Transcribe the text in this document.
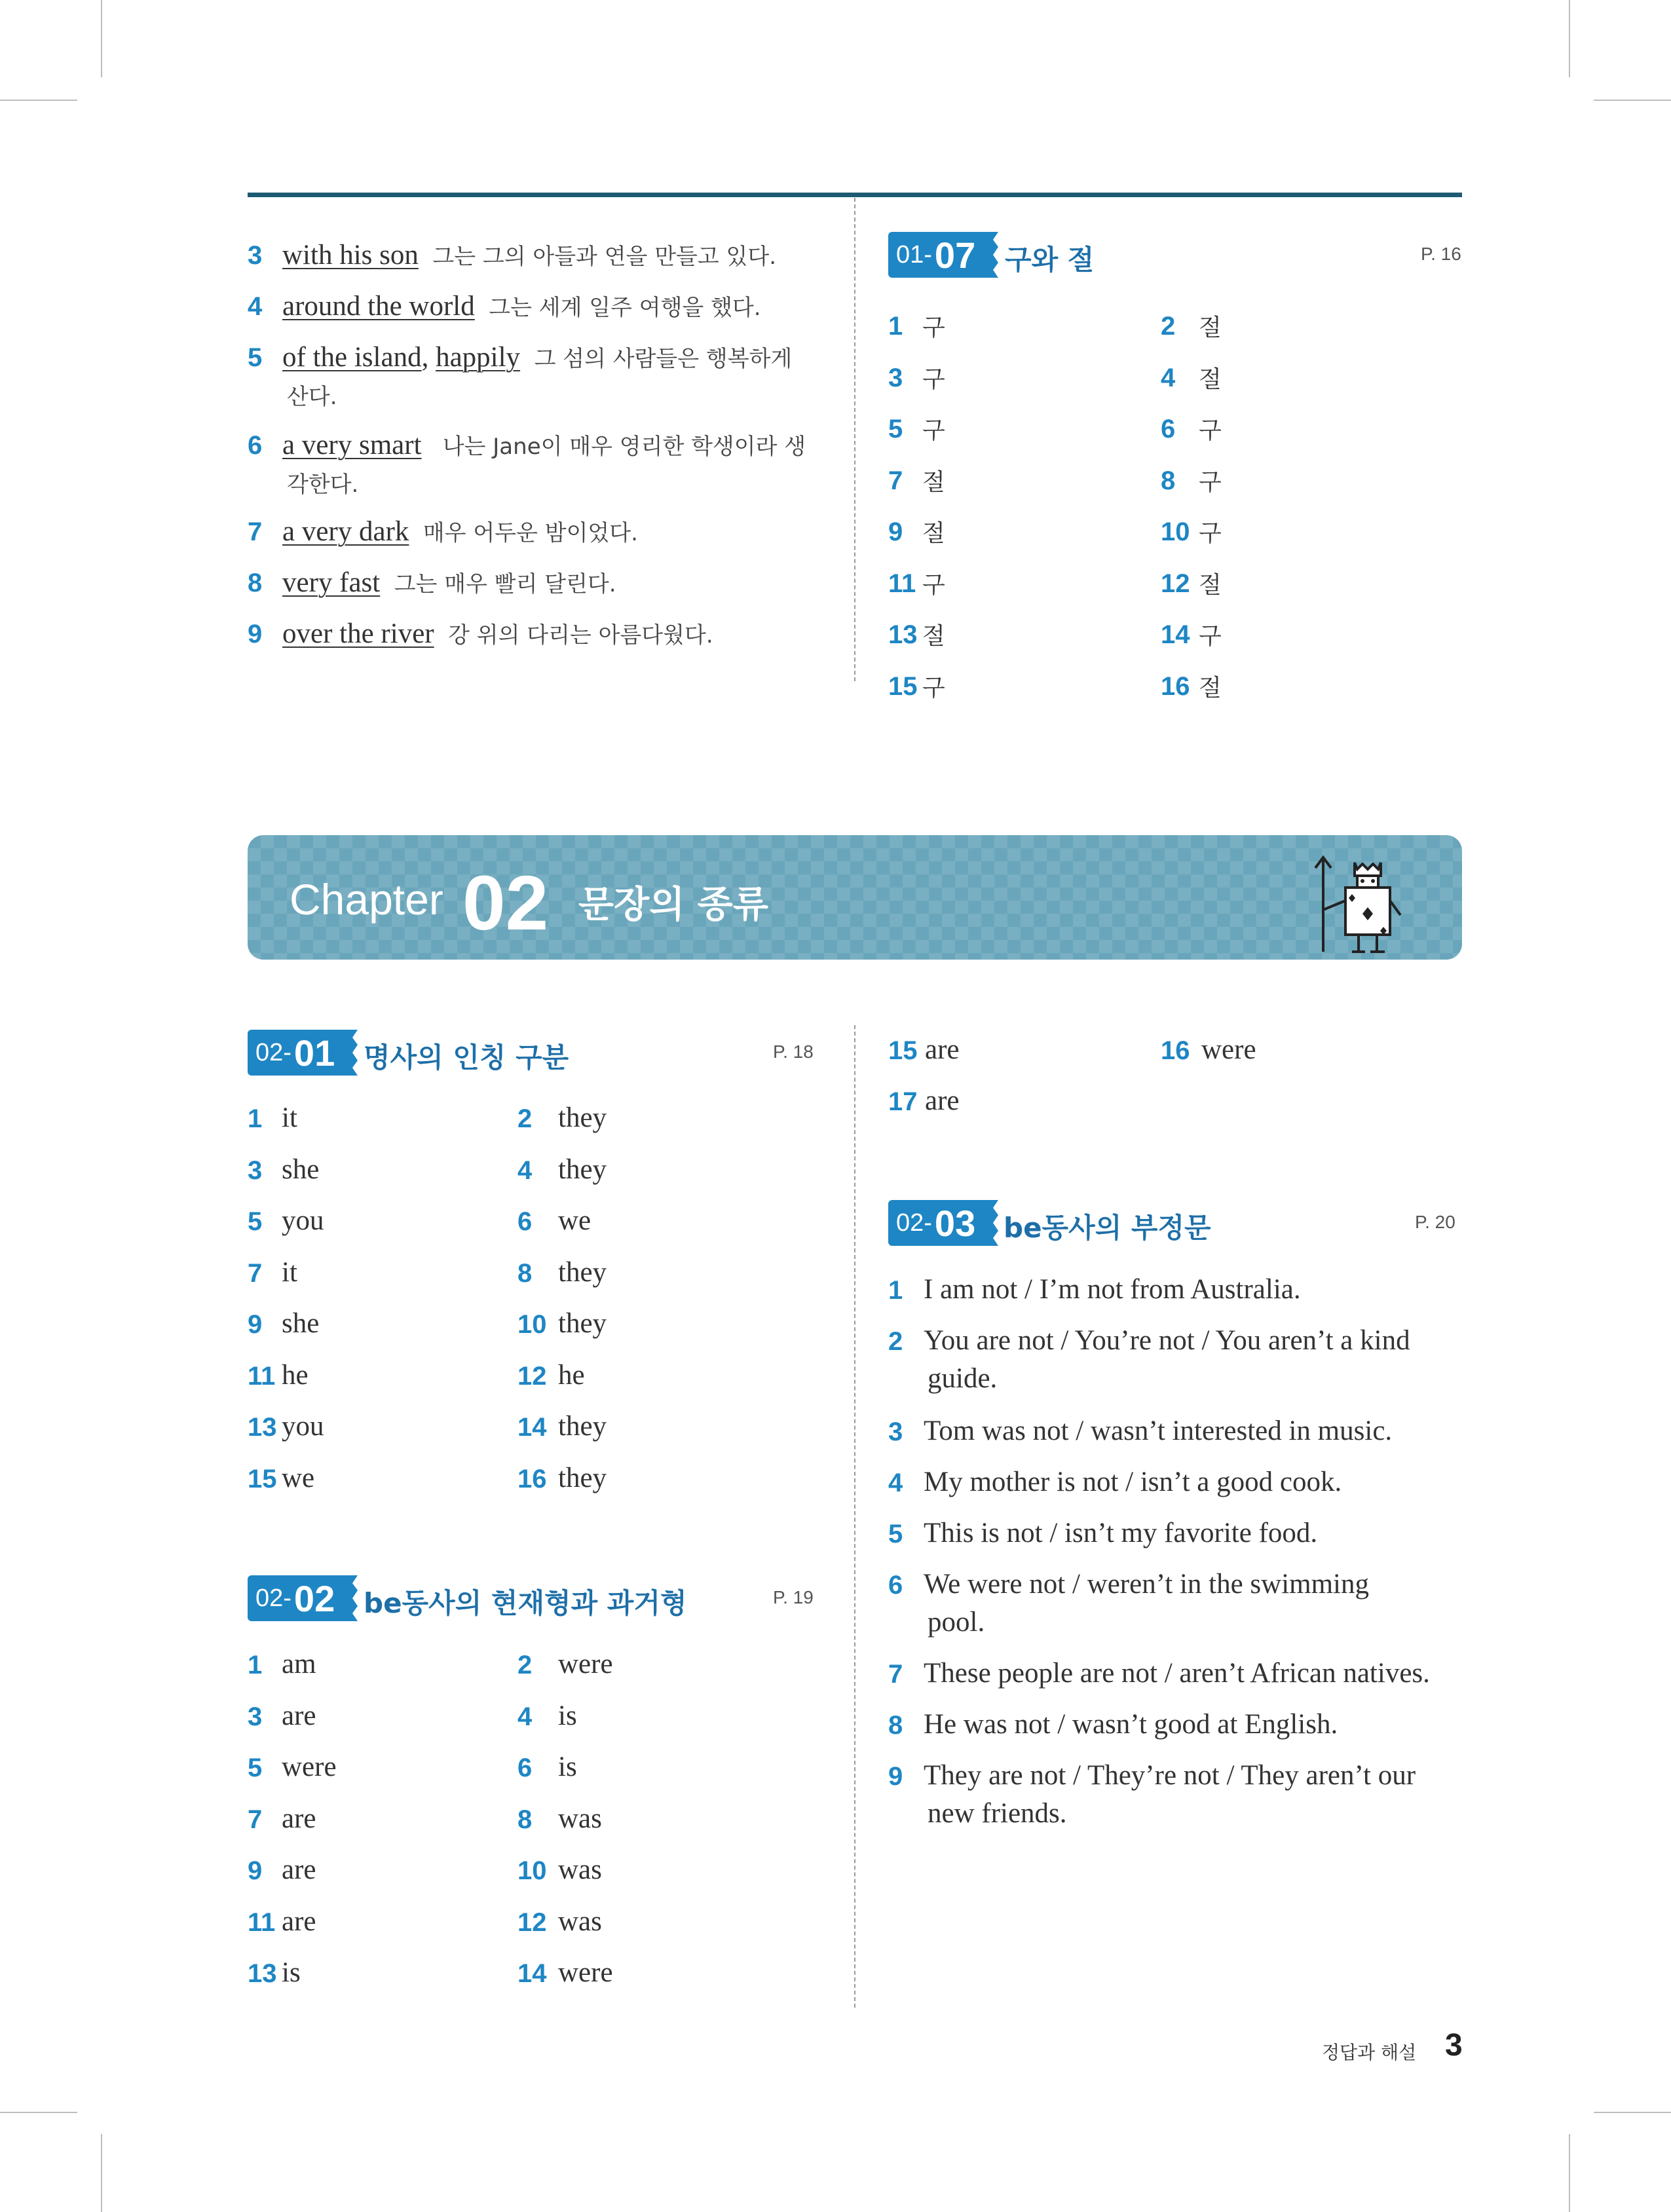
3 with his son 그는 그의 아들과 연을 만들고 있다.
4 around the world 그는 세계 일주 여행을 했다.
5 of the island, happily 그 섬의 사람들은 행복하게
산다.
6 a very smart 나는 Jane이 매우 영리한 학생이라 생
각한다.
7 a very dark 매우 어두운 밤이었다.
8 very fast 그는 매우 빨리 달린다.
9 over the river 강 위의 다리는 아름다웠다.
01- 07 구와 절	P. 16
1 구	2 절
3 구	4 절
5 구	6 구
7 절	8 구
9 절	10 구
11 구	12 절
13 절	14 구
15 구	16 절
Chapter 02 문장의 종류
02- 01 명사의 인칭 구분	P. 18
1 it	2 they
3 she	4 they
5 you	6 we
7 it	8 they
9 she	10 they
11 he	12 he
13 you	14 they
15 we	16 they
02- 02 be동사의 현재형과 과거형	P. 19
1 am	2 were
3 are	4 is
5 were	6 is
7 are	8 was
9 are	10 was
11 are	12 was
13 is	14 were
15 are	16 were
17 are
02- 03 be동사의 부정문	P. 20
1 I am not / I’m not from Australia.
2 You are not / You’re not / You aren’t a kind
guide.
3 Tom was not / wasn’t interested in music.
4 My mother is not / isn’t a good cook.
5 This is not / isn’t my favorite food.
6 We were not / weren’t in the swimming
pool.
7 These people are not / aren’t African natives.
8 He was not / wasn’t good at English.
9 They are not / They’re not / They aren’t our
new friends.
정답과 해설 3
